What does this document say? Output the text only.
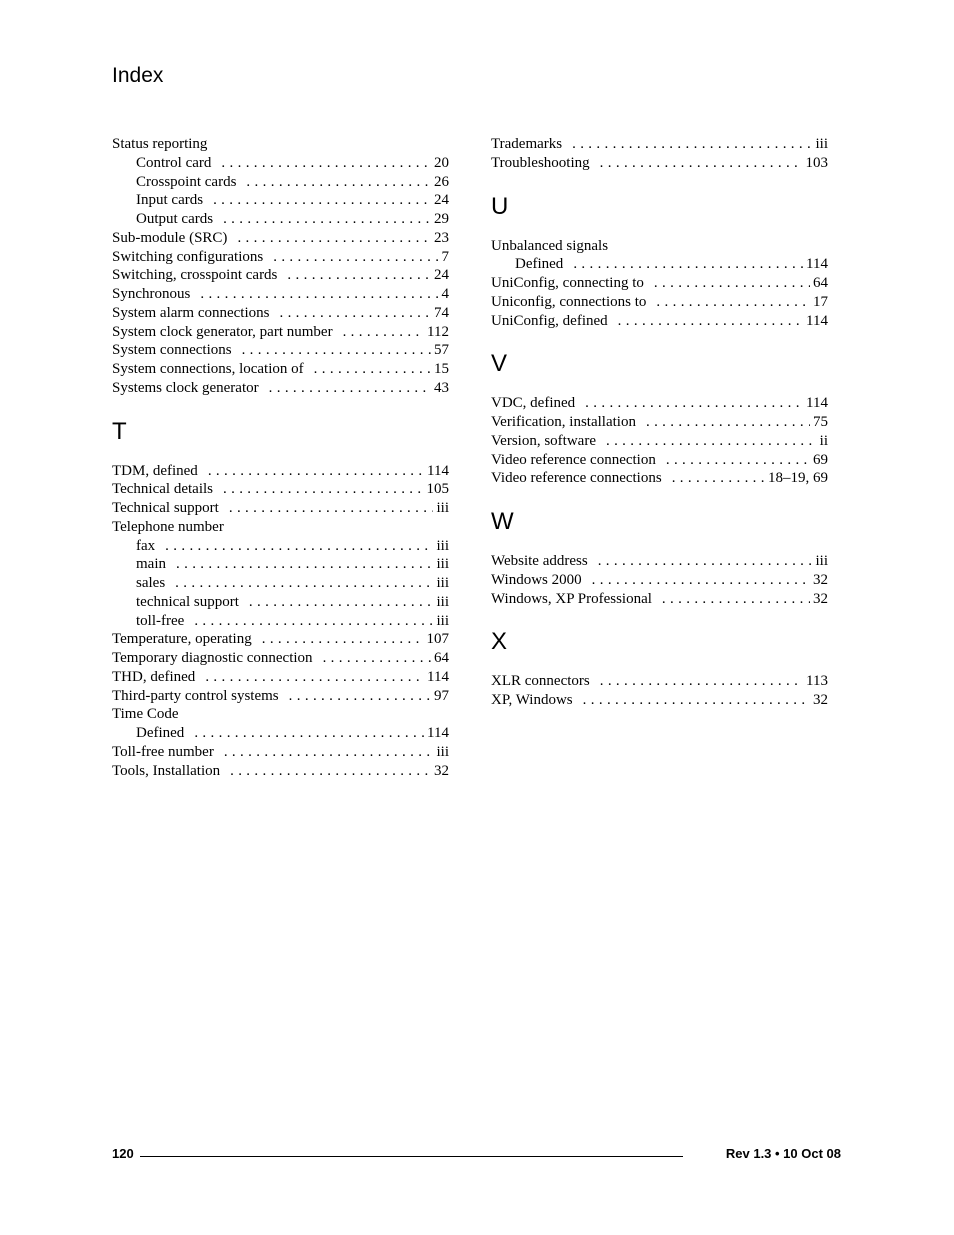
Index
Status reporting
Control card . . .	20
Crosspoint cards . . .	26
Input cards . . .	24
Output cards . . .	29
Sub-module (SRC) . . .	23
Switching configurations . . .	7
Switching, crosspoint cards . . .	24
Synchronous . . .	4
System alarm connections . . .	74
System clock generator, part number . . .	112
System connections . . .	57
System connections, location of . . .	15
Systems clock generator . . .	43
T
TDM, defined . . .	114
Technical details . . .	105
Technical support . . .	iii
Telephone number
fax . . .	iii
main . . .	iii
sales . . .	iii
technical support . . .	iii
toll-free . . .	iii
Temperature, operating . . .	107
Temporary diagnostic connection . . .	64
THD, defined . . .	114
Third-party control systems . . .	97
Time Code
Defined . . .	114
Toll-free number . . .	iii
Tools, Installation . . .	32
Trademarks . . .	iii
Troubleshooting . . .	103
U
Unbalanced signals
Defined . . .	114
UniConfig, connecting to . . .	64
Uniconfig, connections to . . .	17
UniConfig, defined . . .	114
V
VDC, defined . . .	114
Verification, installation . . .	75
Version, software . . .	ii
Video reference connection . . .	69
Video reference connections . . .	18–19, 69
W
Website address . . .	iii
Windows 2000 . . .	32
Windows, XP Professional . . .	32
X
XLR connectors . . .	113
XP, Windows . . .	32
120	Rev 1.3 • 10 Oct 08
